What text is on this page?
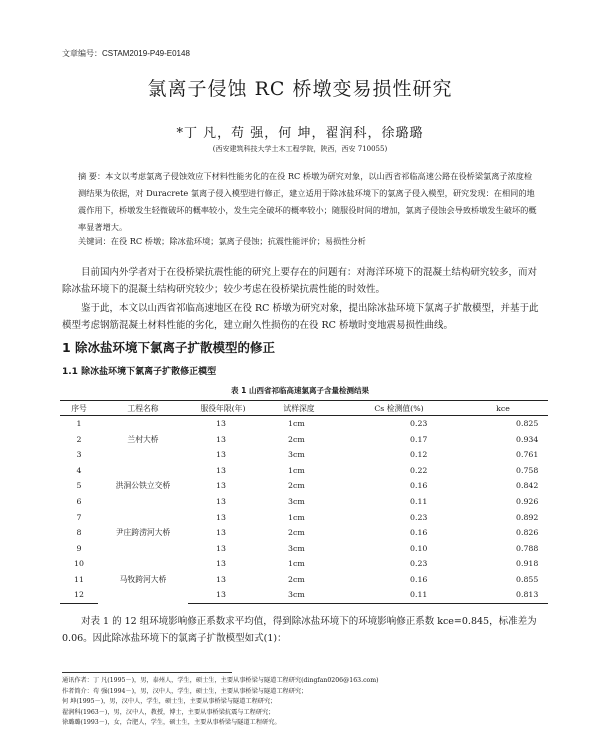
文章编号：CSTAM2019-P49-E0148
氯离子侵蚀 RC 桥墩变易损性研究
*丁 凡，苟 强，何 坤，翟润科，徐璐璐
(西安建筑科技大学土木工程学院，陕西，西安 710055)
摘 要：本文以考虑氯离子侵蚀效应下材料性能劣化的在役 RC 桥墩为研究对象，以山西省祁临高速公路在役桥梁氯离子浓度检测结果为依据，对 Duracrete 氯离子侵入模型进行修正，建立适用于除冰盐环境下的氯离子侵入模型，研究发现：在相同的地震作用下，桥墩发生轻微破坏的概率较小，发生完全破坏的概率较小；随服役时间的增加，氯离子侵蚀会导致桥墩发生破坏的概率显著增大。
关键词：在役 RC 桥墩；除冰盐环境；氯离子侵蚀；抗震性能评价；易损性分析
目前国内外学者对于在役桥梁抗震性能的研究上要存在的问题有：对海洋环境下的混凝土结构研究较多，而对除冰盐环境下的混凝土结构研究较少；较少考虑在役桥梁抗震性能的时效性。
鉴于此，本文以山西省祁临高速地区在役 RC 桥墩为研究对象，提出除冰盐环境下氯离子扩散模型，并基于此模型考虑钢筋混凝土材料性能的劣化，建立耐久性损伤的在役 RC 桥墩时变地震易损性曲线。
1 除冰盐环境下氯离子扩散模型的修正
1.1 除冰盐环境下氯离子扩散修正模型
表 1 山西省祁临高速氯离子含量检测结果
序号	工程名称	服役年限(年)	试样深度	Cs 检测值(%)	kce
1	兰村大桥	13	1cm	0.23	0.825
2		13	2cm	0.17	0.934
3		13	3cm	0.12	0.761
4	洪洞公铁立交桥	13	1cm	0.22	0.758
5		13	2cm	0.16	0.842
6		13	3cm	0.11	0.926
7	尹庄跨涝河大桥	13	1cm	0.23	0.892
8		13	2cm	0.16	0.826
9		13	3cm	0.10	0.788
10	马牧跨河大桥	13	1cm	0.23	0.918
11		13	2cm	0.16	0.855
12		13	3cm	0.11	0.813
对表 1 的 12 组环境影响修正系数求平均值，得到除冰盐环境下的环境影响修正系数 kce=0.845，标准差为 0.06。因此除冰盐环境下的氯离子扩散模型如式(1)：
通讯作者：丁 凡(1995－)，男，泰州人，学生，硕士生，主要从事桥梁与隧道工程研究(dingfan0206@163.com)
作者简介：苟 强(1994－)，男，汉中人，学生，硕士生，主要从事桥梁与隧道工程研究；
何 坤(1995－)，男，汉中人，学生，硕士生，主要从事桥梁与隧道工程研究；
翟润科(1963－)，男，汉中人，教授，博士，主要从事桥梁抗震与工程研究；
徐璐璐(1993－)，女，合肥人，学生，硕士生，主要从事桥梁与隧道工程研究。
